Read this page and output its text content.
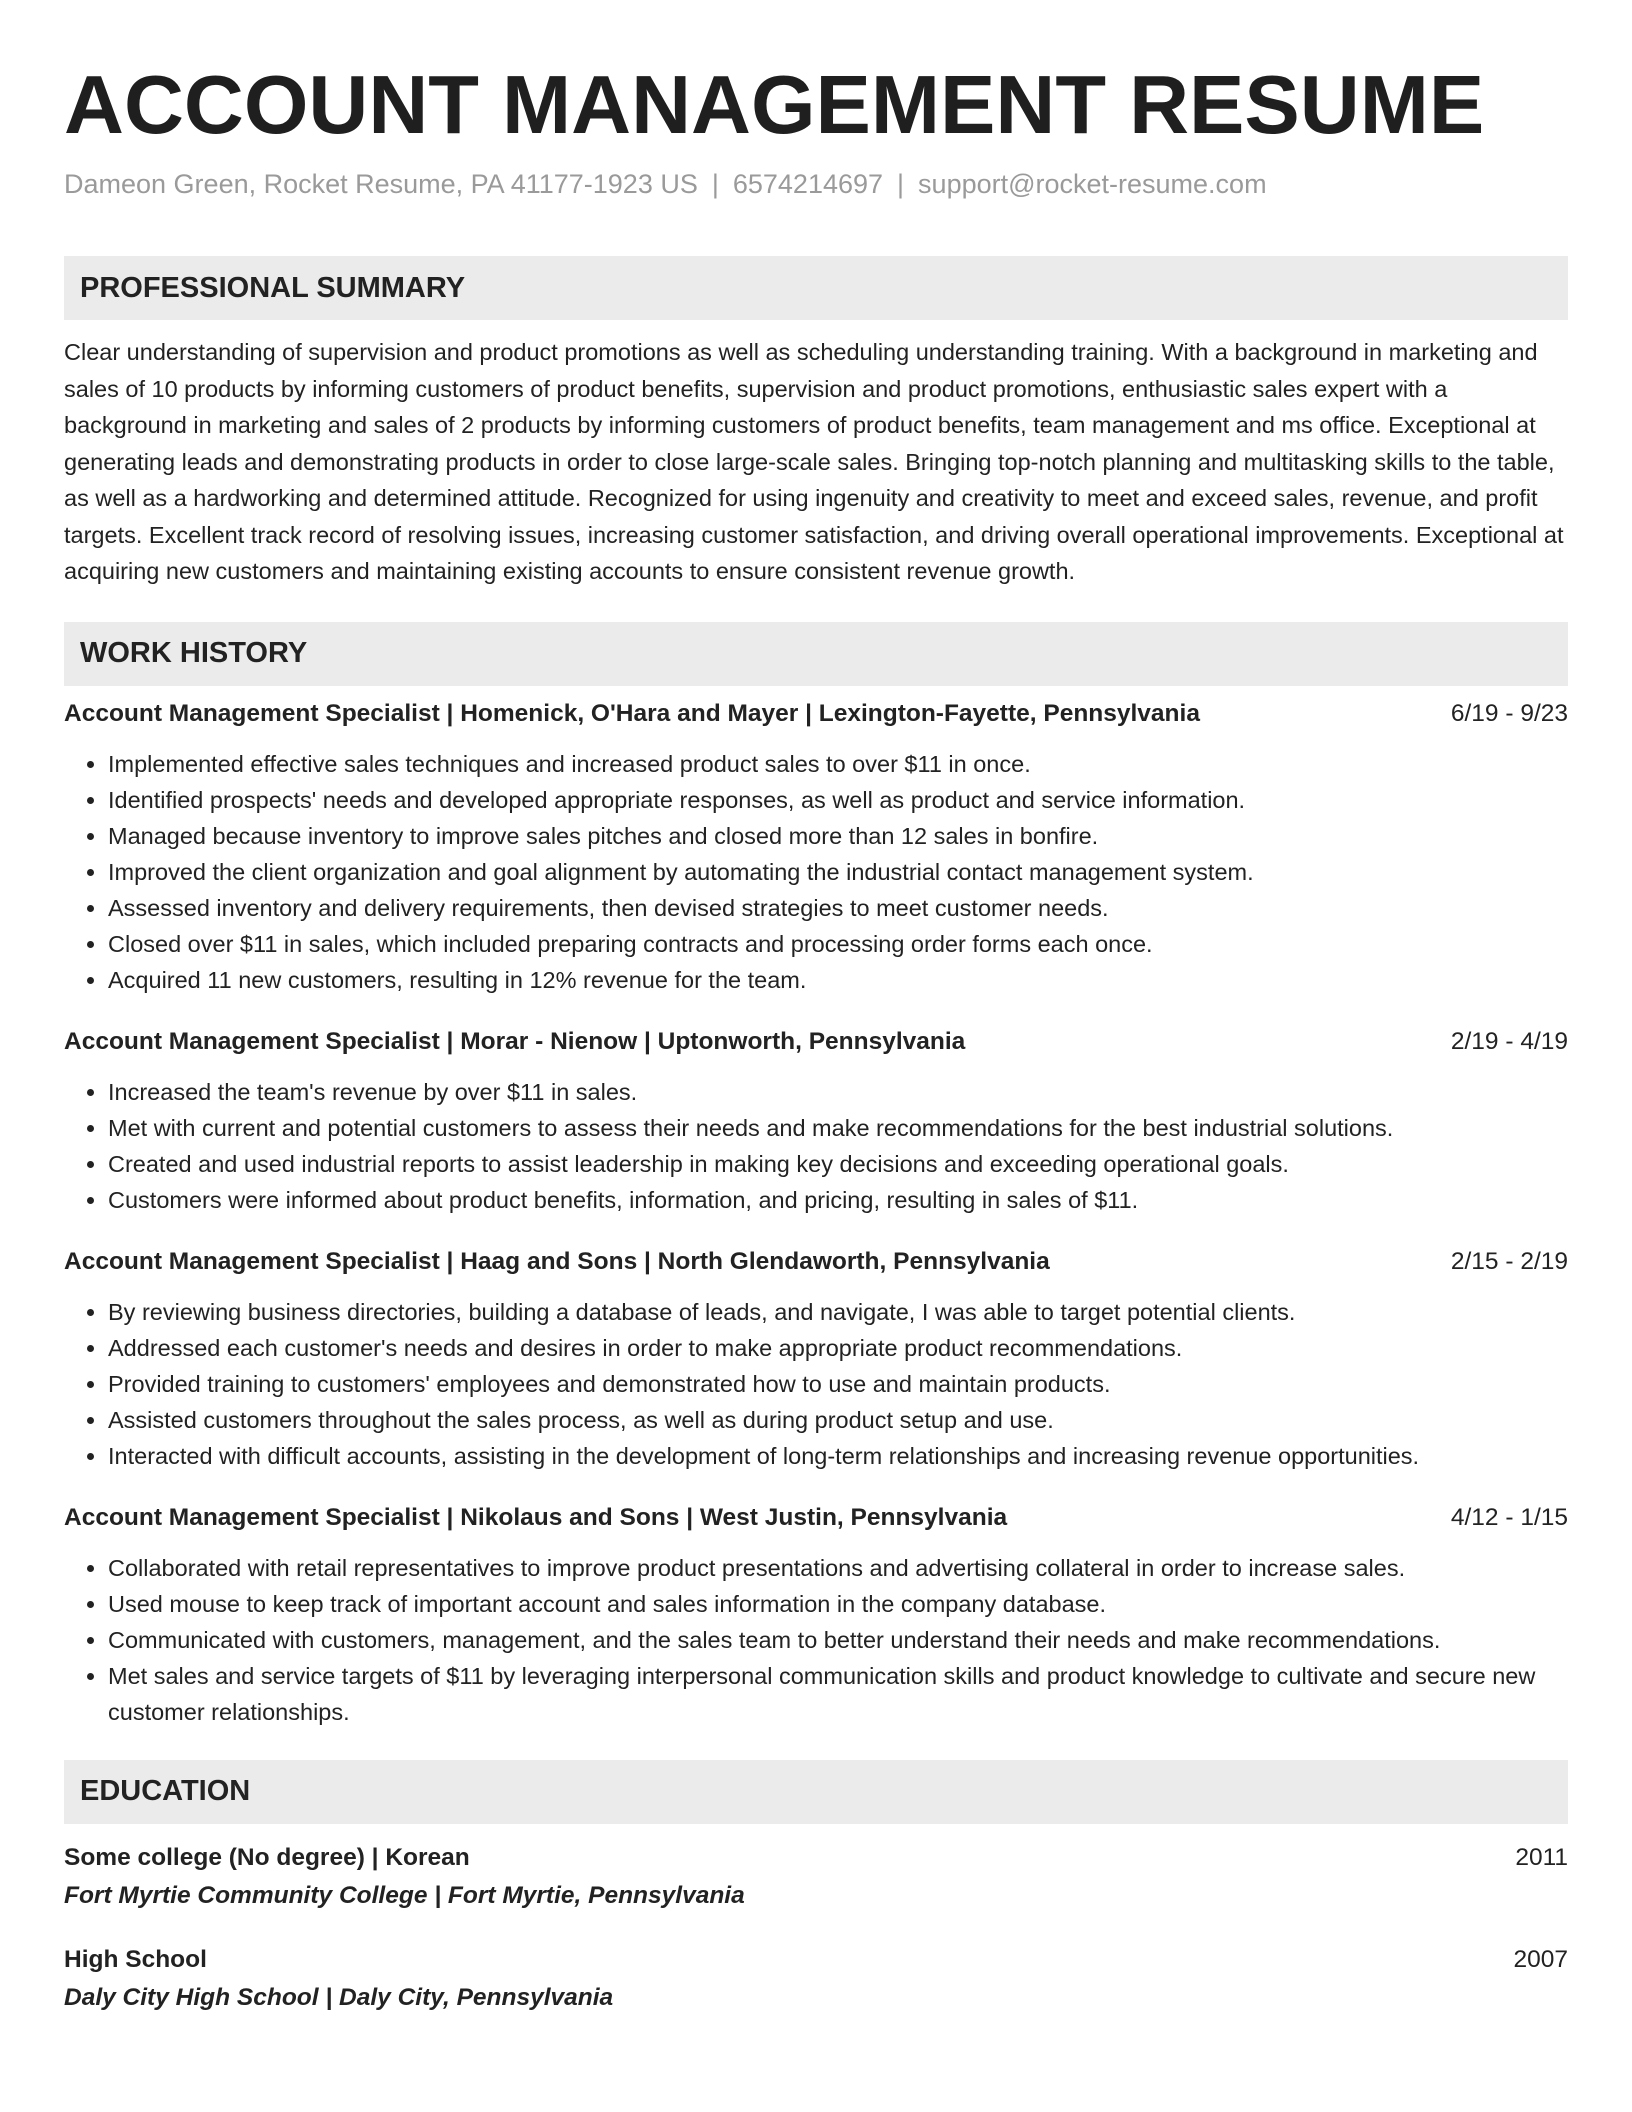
ACCOUNT MANAGEMENT RESUME
Dameon Green, Rocket Resume, PA 41177-1923 US | 6574214697 | support@rocket-resume.com
PROFESSIONAL SUMMARY
Clear understanding of supervision and product promotions as well as scheduling understanding training. With a background in marketing and sales of 10 products by informing customers of product benefits, supervision and product promotions, enthusiastic sales expert with a background in marketing and sales of 2 products by informing customers of product benefits, team management and ms office. Exceptional at generating leads and demonstrating products in order to close large-scale sales. Bringing top-notch planning and multitasking skills to the table, as well as a hardworking and determined attitude. Recognized for using ingenuity and creativity to meet and exceed sales, revenue, and profit targets. Excellent track record of resolving issues, increasing customer satisfaction, and driving overall operational improvements. Exceptional at acquiring new customers and maintaining existing accounts to ensure consistent revenue growth.
WORK HISTORY
Account Management Specialist | Homenick, O'Hara and Mayer | Lexington-Fayette, Pennsylvania	6/19 - 9/23
• Implemented effective sales techniques and increased product sales to over $11 in once.
• Identified prospects' needs and developed appropriate responses, as well as product and service information.
• Managed because inventory to improve sales pitches and closed more than 12 sales in bonfire.
• Improved the client organization and goal alignment by automating the industrial contact management system.
• Assessed inventory and delivery requirements, then devised strategies to meet customer needs.
• Closed over $11 in sales, which included preparing contracts and processing order forms each once.
• Acquired 11 new customers, resulting in 12% revenue for the team.
Account Management Specialist | Morar - Nienow | Uptonworth, Pennsylvania	2/19 - 4/19
• Increased the team's revenue by over $11 in sales.
• Met with current and potential customers to assess their needs and make recommendations for the best industrial solutions.
• Created and used industrial reports to assist leadership in making key decisions and exceeding operational goals.
• Customers were informed about product benefits, information, and pricing, resulting in sales of $11.
Account Management Specialist | Haag and Sons | North Glendaworth, Pennsylvania	2/15 - 2/19
• By reviewing business directories, building a database of leads, and navigate, I was able to target potential clients.
• Addressed each customer's needs and desires in order to make appropriate product recommendations.
• Provided training to customers' employees and demonstrated how to use and maintain products.
• Assisted customers throughout the sales process, as well as during product setup and use.
• Interacted with difficult accounts, assisting in the development of long-term relationships and increasing revenue opportunities.
Account Management Specialist | Nikolaus and Sons | West Justin, Pennsylvania	4/12 - 1/15
• Collaborated with retail representatives to improve product presentations and advertising collateral in order to increase sales.
• Used mouse to keep track of important account and sales information in the company database.
• Communicated with customers, management, and the sales team to better understand their needs and make recommendations.
• Met sales and service targets of $11 by leveraging interpersonal communication skills and product knowledge to cultivate and secure new customer relationships.
EDUCATION
Some college (No degree) | Korean	2011
Fort Myrtie Community College | Fort Myrtie, Pennsylvania
High School	2007
Daly City High School | Daly City, Pennsylvania
